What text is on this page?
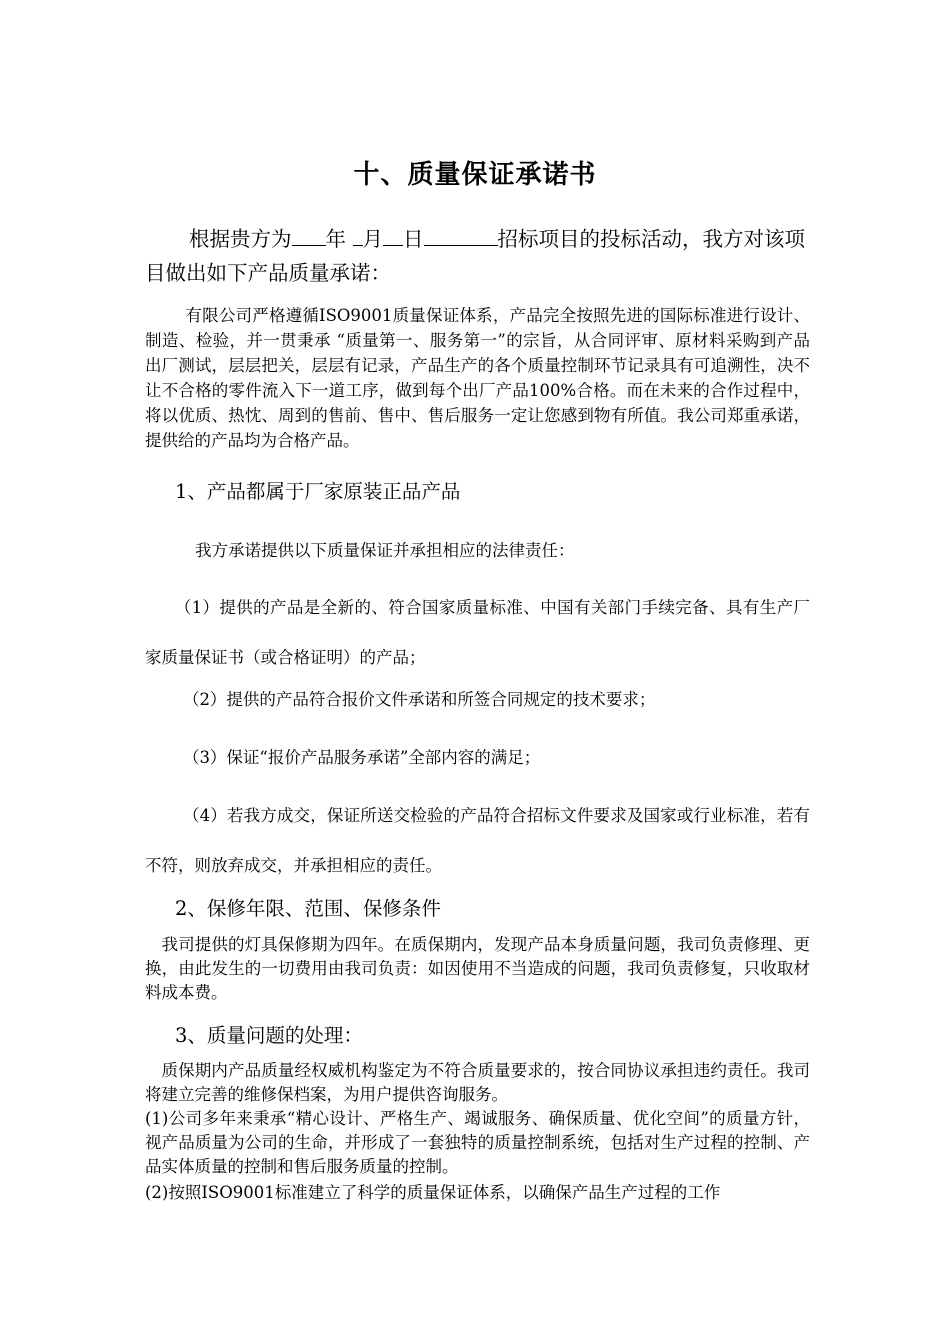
十、质量保证承诺书
根据贵方为 年 月 日	招标项目的投标活动，我方对该项目做出如下产品质量承诺：
有限公司严格遵循ISO9001质量保证体系，产品完全按照先进的国际标准进行设计、制造、检验，并一贯秉承 “质量第一、服务第一”的宗旨，从合同评审、原材料采购到产品出厂测试，层层把关，层层有记录，产品生产的各个质量控制环节记录具有可追溯性，决不让不合格的零件流入下一道工序，做到每个出厂产品100%合格。而在未来的合作过程中，将以优质、热忱、周到的售前、售中、售后服务一定让您感到物有所值。我公司郑重承诺，提供给的产品均为合格产品。
1、产品都属于厂家原装正品产品
我方承诺提供以下质量保证并承担相应的法律责任：
（1）提供的产品是全新的、符合国家质量标准、中国有关部门手续完备、具有生产厂家质量保证书（或合格证明）的产品；
（2）提供的产品符合报价文件承诺和所签合同规定的技术要求；
（3）保证“报价产品服务承诺”全部内容的满足；
（4）若我方成交，保证所送交检验的产品符合招标文件要求及国家或行业标准，若有不符，则放弃成交，并承担相应的责任。
2、保修年限、范围、保修条件
我司提供的灯具保修期为四年。在质保期内，发现产品本身质量问题，我司负责修理、更换，由此发生的一切费用由我司负责：如因使用不当造成的问题，我司负责修复，只收取材料成本费。
3、质量问题的处理：
质保期内产品质量经权威机构鉴定为不符合质量要求的，按合同协议承担违约责任。我司将建立完善的维修保档案，为用户提供咨询服务。
(1)公司多年来秉承“精心设计、严格生产、竭诚服务、确保质量、优化空间”的质量方针，视产品质量为公司的生命，并形成了一套独特的质量控制系统，包括对生产过程的控制、产品实体质量的控制和售后服务质量的控制。
(2)按照ISO9001标准建立了科学的质量保证体系，以确保产品生产过程的工作
